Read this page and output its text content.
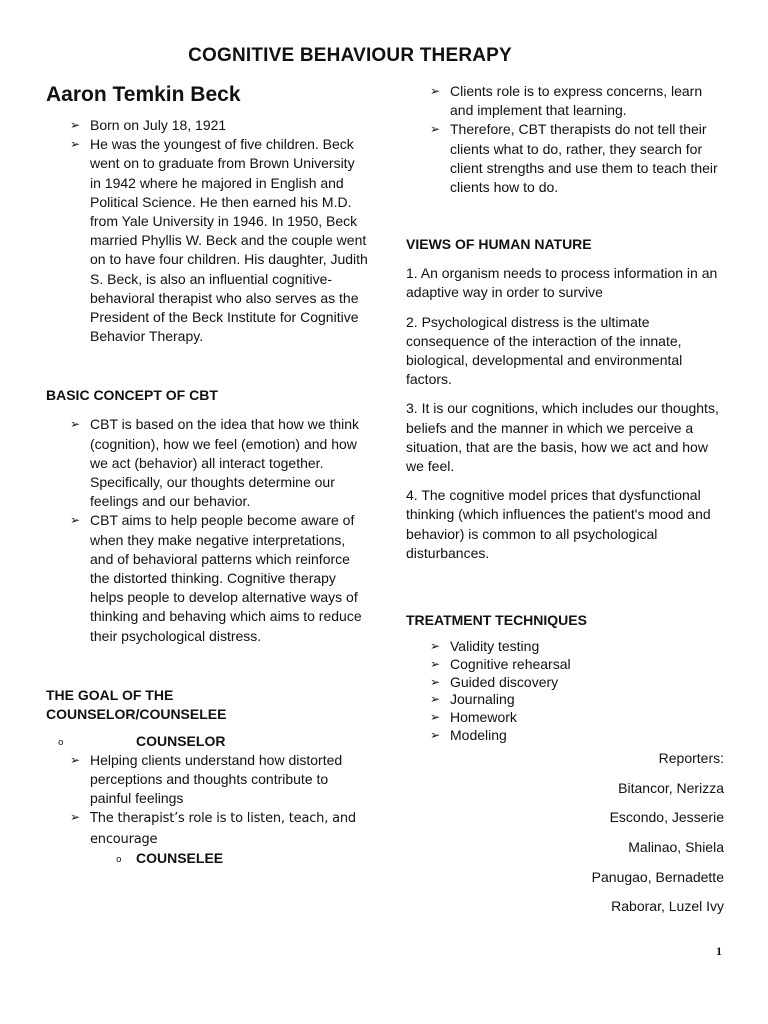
COGNITIVE BEHAVIOUR THERAPY
Aaron Temkin Beck
➢ Born on July 18, 1921
➢ He was the youngest of five children. Beck went on to graduate from Brown University in 1942 where he majored in English and Political Science. He then earned his M.D. from Yale University in 1946. In 1950, Beck married Phyllis W. Beck and the couple went on to have four children. His daughter, Judith S. Beck, is also an influential cognitive-behavioral therapist who also serves as the President of the Beck Institute for Cognitive Behavior Therapy.
BASIC CONCEPT OF CBT
➢ CBT is based on the idea that how we think (cognition), how we feel (emotion) and how we act (behavior) all interact together. Specifically, our thoughts determine our feelings and our behavior.
➢ CBT aims to help people become aware of when they make negative interpretations, and of behavioral patterns which reinforce the distorted thinking. Cognitive therapy helps people to develop alternative ways of thinking and behaving which aims to reduce their psychological distress.
THE GOAL OF THE COUNSELOR/COUNSELEE
o	COUNSELOR
➢ Helping clients understand how distorted perceptions and thoughts contribute to painful feelings
➢ The therapist’s role is to listen, teach, and encourage
o COUNSELEE
➢ Clients role is to express concerns, learn and implement that learning.
➢ Therefore, CBT therapists do not tell their clients what to do, rather, they search for client strengths and use them to teach their clients how to do.
VIEWS OF HUMAN NATURE

1. An organism needs to process information in an adaptive way in order to survive

2. Psychological distress is the ultimate consequence of the interaction of the innate, biological, developmental and environmental factors.

3. It is our cognitions, which includes our thoughts, beliefs and the manner in which we perceive a situation, that are the basis, how we act and how we feel.

4. The cognitive model prices that dysfunctional thinking (which influences the patient's mood and behavior) is common to all psychological disturbances.

TREATMENT TECHNIQUES
➢ Validity testing
➢ Cognitive rehearsal
➢ Guided discovery
➢ Journaling
➢ Homework
➢ Modeling
Reporters:
Bitancor, Nerizza
Escondo, Jesserie
Malinao, Shiela
Panugao, Bernadette
Raborar, Luzel Ivy
1
